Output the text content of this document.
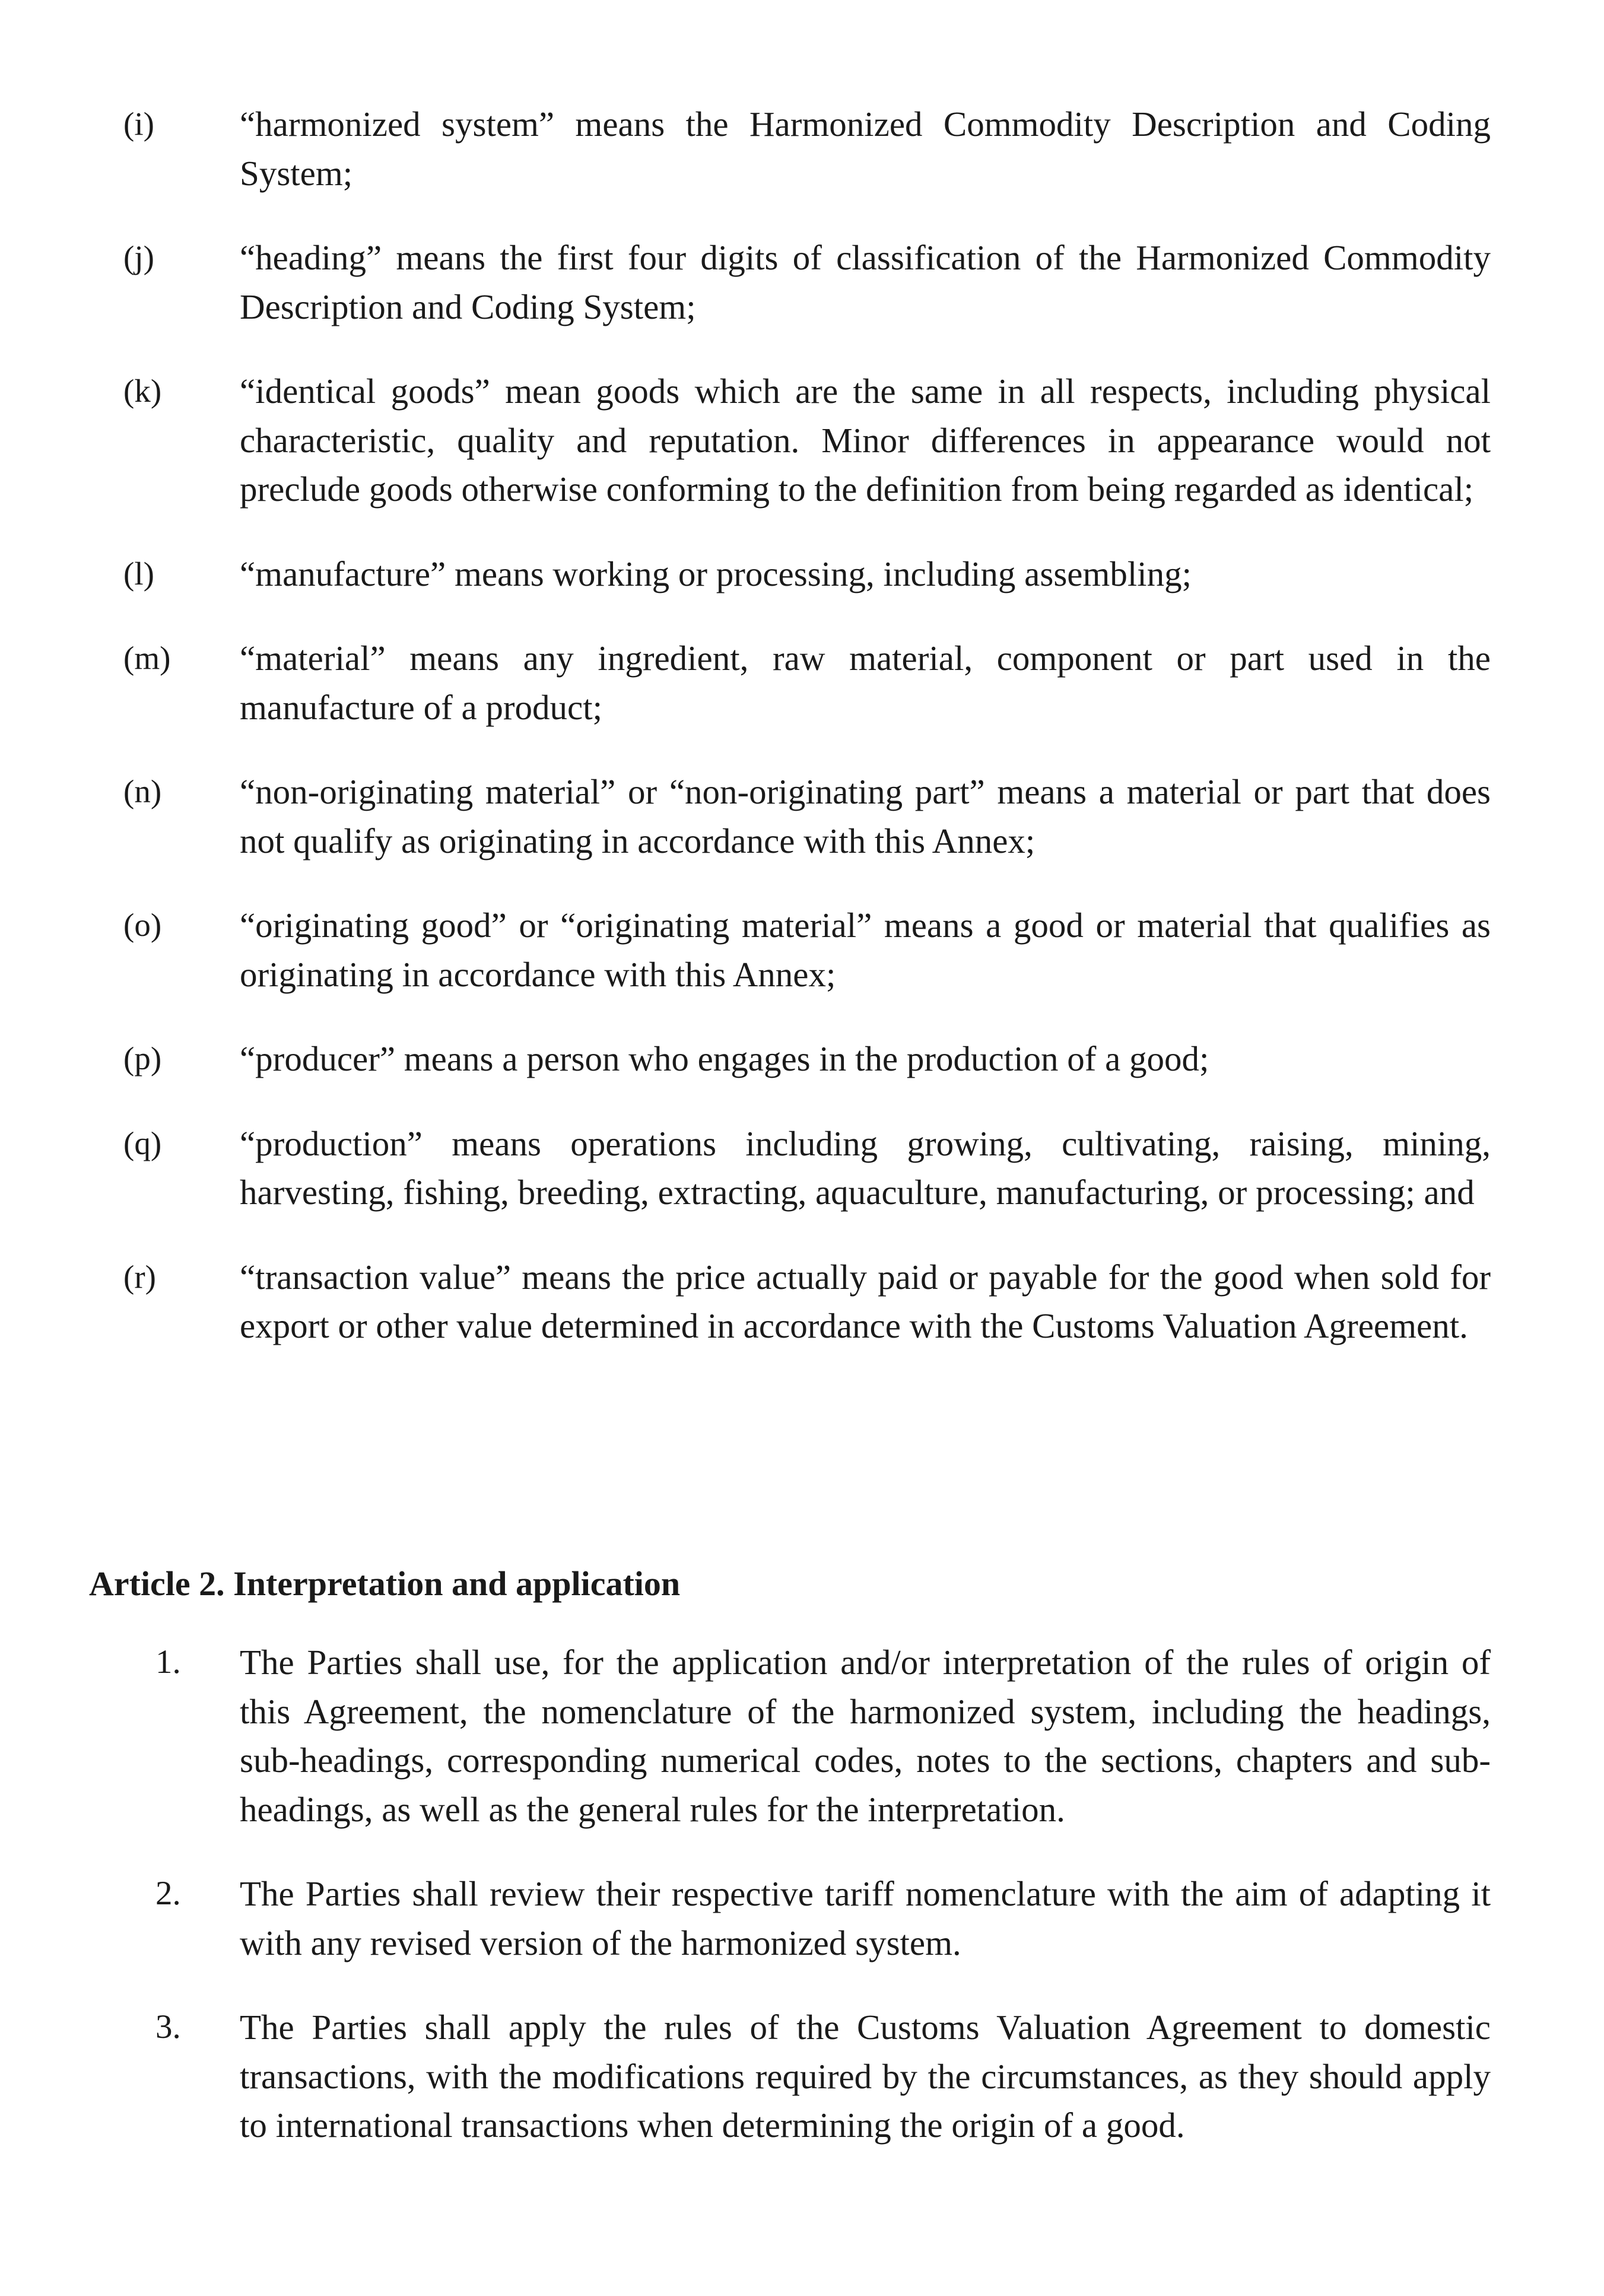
(i) “harmonized system” means the Harmonized Commodity Description and Coding System;
(j) “heading” means the first four digits of classification of the Harmonized Commodity Description and Coding System;
(k) “identical goods” mean goods which are the same in all respects, including physical characteristic, quality and reputation. Minor differences in appearance would not preclude goods otherwise conforming to the definition from being regarded as identical;
(l) “manufacture” means working or processing, including assembling;
(m) “material” means any ingredient, raw material, component or part used in the manufacture of a product;
(n) “non-originating material” or “non-originating part” means a material or part that does not qualify as originating in accordance with this Annex;
(o) “originating good” or “originating material” means a good or material that qualifies as originating in accordance with this Annex;
(p) “producer” means a person who engages in the production of a good;
(q) “production” means operations including growing, cultivating, raising, mining, harvesting, fishing, breeding, extracting, aquaculture, manufacturing, or processing; and
(r) “transaction value” means the price actually paid or payable for the good when sold for export or other value determined in accordance with the Customs Valuation Agreement.
Article 2. Interpretation and application
1. The Parties shall use, for the application and/or interpretation of the rules of origin of this Agreement, the nomenclature of the harmonized system, including the headings, sub-headings, corresponding numerical codes, notes to the sections, chapters and sub-headings, as well as the general rules for the interpretation.
2. The Parties shall review their respective tariff nomenclature with the aim of adapting it with any revised version of the harmonized system.
3. The Parties shall apply the rules of the Customs Valuation Agreement to domestic transactions, with the modifications required by the circumstances, as they should apply to international transactions when determining the origin of a good.
